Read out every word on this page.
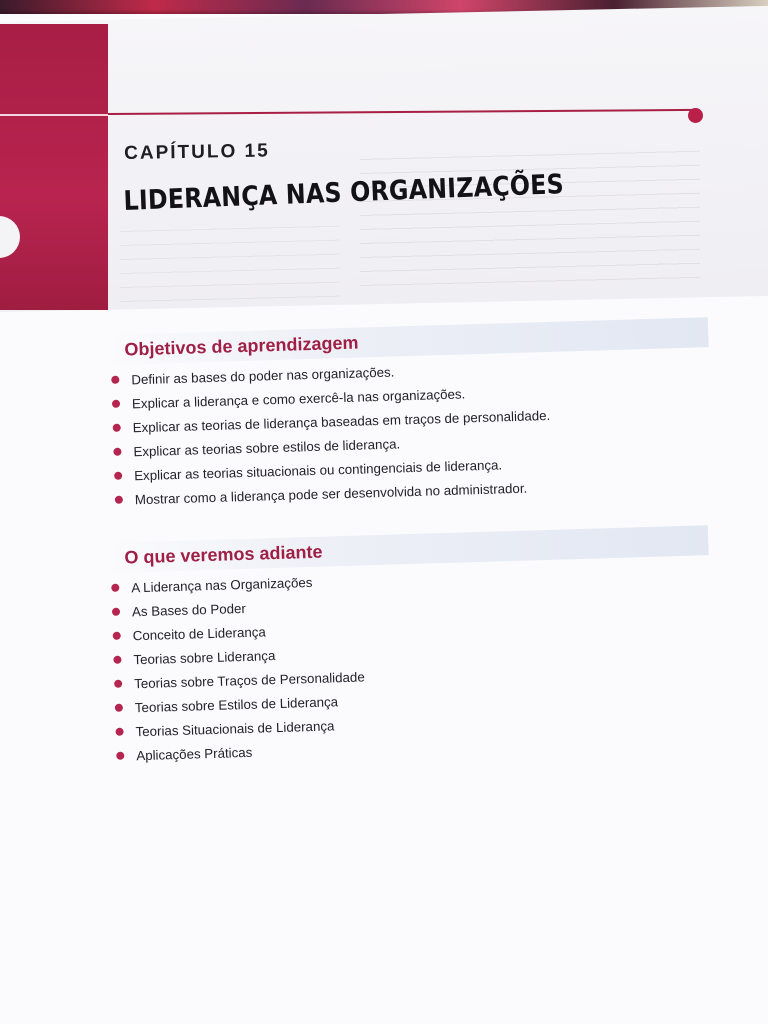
CAPÍTULO 15
LIDERANÇA NAS ORGANIZAÇÕES
Objetivos de aprendizagem
Definir as bases do poder nas organizações.
Explicar a liderança e como exercê-la nas organizações.
Explicar as teorias de liderança baseadas em traços de personalidade.
Explicar as teorias sobre estilos de liderança.
Explicar as teorias situacionais ou contingenciais de liderança.
Mostrar como a liderança pode ser desenvolvida no administrador.
O que veremos adiante
A Liderança nas Organizações
As Bases do Poder
Conceito de Liderança
Teorias sobre Liderança
Teorias sobre Traços de Personalidade
Teorias sobre Estilos de Liderança
Teorias Situacionais de Liderança
Aplicações Práticas
